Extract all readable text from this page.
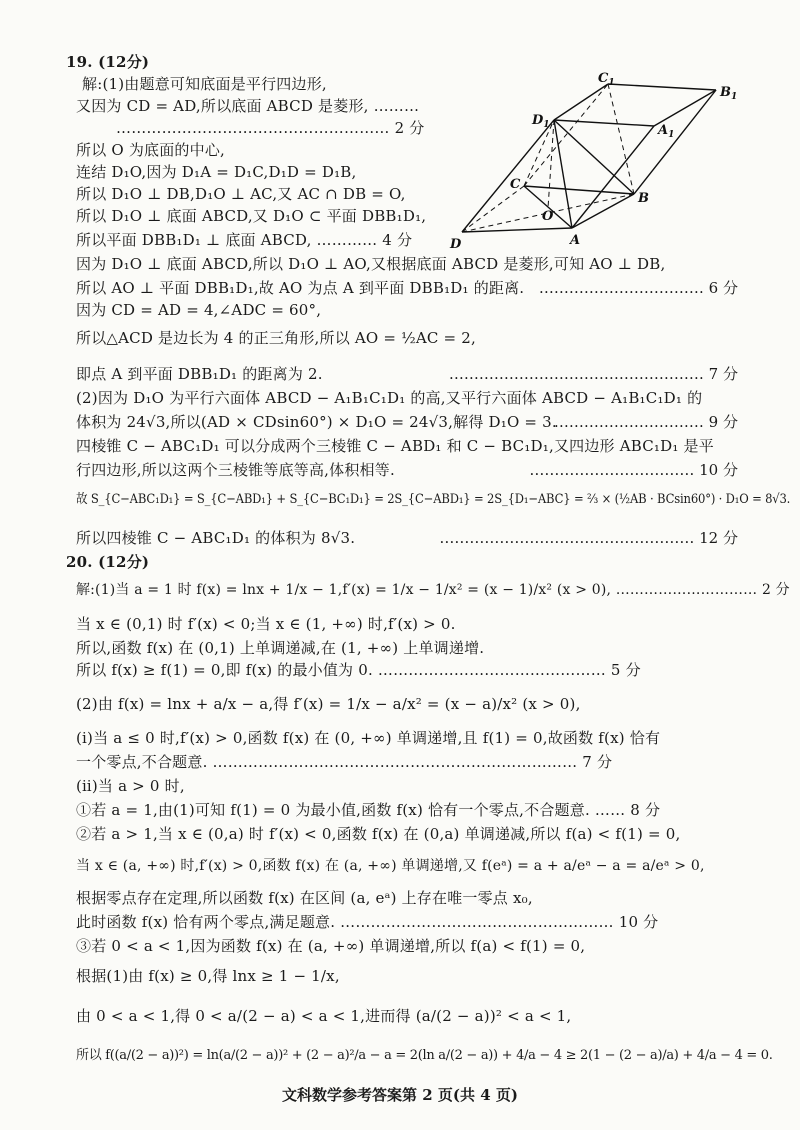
19. (12分)
解:(1)由题意可知底面是平行四边形,
又因为 CD = AD,所以底面 ABCD 是菱形, ………
……………………………………………… 2 分
所以 O 为底面的中心,
连结 D₁O,因为 D₁A = D₁C,D₁D = D₁B,
所以 D₁O ⊥ DB,D₁O ⊥ AC,又 AC ∩ DB = O,
所以 D₁O ⊥ 底面 ABCD,又 D₁O ⊂ 平面 DBB₁D₁,
所以平面 DBB₁D₁ ⊥ 底面 ABCD, ………… 4 分
因为 D₁O ⊥ 底面 ABCD,所以 D₁O ⊥ AO,又根据底面 ABCD 是菱形,可知 AO ⊥ DB,
所以 AO ⊥ 平面 DBB₁D₁,故 AO 为点 A 到平面 DBB₁D₁ 的距离. …………………………… 6 分
因为 CD = AD = 4,∠ADC = 60°,
所以△ACD 是边长为 4 的正三角形,所以 AO = ½AC = 2,
即点 A 到平面 DBB₁D₁ 的距离为 2.	…………………………………………… 7 分
(2)因为 D₁O 为平行六面体 ABCD − A₁B₁C₁D₁ 的高,又平行六面体 ABCD − A₁B₁C₁D₁ 的
体积为 24√3,所以(AD × CDsin60°) × D₁O = 24√3,解得 D₁O = 3.
………………………… 9 分
四棱锥 C − ABC₁D₁ 可以分成两个三棱锥 C − ABD₁ 和 C − BC₁D₁,又四边形 ABC₁D₁ 是平
行四边形,所以这两个三棱锥等底等高,体积相等.	…………………………… 10 分
故 S_{C−ABC₁D₁} = S_{C−ABD₁} + S_{C−BC₁D₁} = 2S_{C−ABD₁} = 2S_{D₁−ABC} = ⅔ × (½AB · BCsin60°) · D₁O = 8√3.
所以四棱锥 C − ABC₁D₁ 的体积为 8√3.	…………………………………………… 12 分
$C_1$
$B_1$
$D_1$	$A_1$
C
B
O
D	A
20. (12分)
解:(1)当 a = 1 时 f(x) = lnx + 1/x − 1,f′(x) = 1/x − 1/x² = (x − 1)/x² (x > 0), ………………………… 2 分
当 x ∈ (0,1) 时 f′(x) < 0;当 x ∈ (1, +∞) 时,f′(x) > 0.
所以,函数 f(x) 在 (0,1) 上单调递减,在 (1, +∞) 上单调递增.
所以 f(x) ≥ f(1) = 0,即 f(x) 的最小值为 0. ……………………………………… 5 分
(2)由 f(x) = lnx + a/x − a,得 f′(x) = 1/x − a/x² = (x − a)/x² (x > 0),
(ⅰ)当 a ≤ 0 时,f′(x) > 0,函数 f(x) 在 (0, +∞) 单调递增,且 f(1) = 0,故函数 f(x) 恰有
一个零点,不合题意. ……………………………………………………………… 7 分
(ⅱ)当 a > 0 时,
①若 a = 1,由(1)可知 f(1) = 0 为最小值,函数 f(x) 恰有一个零点,不合题意. …… 8 分
②若 a > 1,当 x ∈ (0,a) 时 f′(x) < 0,函数 f(x) 在 (0,a) 单调递减,所以 f(a) < f(1) = 0,
当 x ∈ (a, +∞) 时,f′(x) > 0,函数 f(x) 在 (a, +∞) 单调递增,又 f(eᵃ) = a + a/eᵃ − a = a/eᵃ > 0,
根据零点存在定理,所以函数 f(x) 在区间 (a, eᵃ) 上存在唯一零点 x₀,
此时函数 f(x) 恰有两个零点,满足题意. ……………………………………………… 10 分
③若 0 < a < 1,因为函数 f(x) 在 (a, +∞) 单调递增,所以 f(a) < f(1) = 0,
根据(1)由 f(x) ≥ 0,得 lnx ≥ 1 − 1/x,
由 0 < a < 1,得 0 < a/(2 − a) < a < 1,进而得 (a/(2 − a))² < a < 1,
所以 f((a/(2 − a))²) = ln(a/(2 − a))² + (2 − a)²/a − a = 2(ln a/(2 − a)) + 4/a − 4 ≥ 2(1 − (2 − a)/a) + 4/a − 4 = 0.
文科数学参考答案第 2 页(共 4 页)
